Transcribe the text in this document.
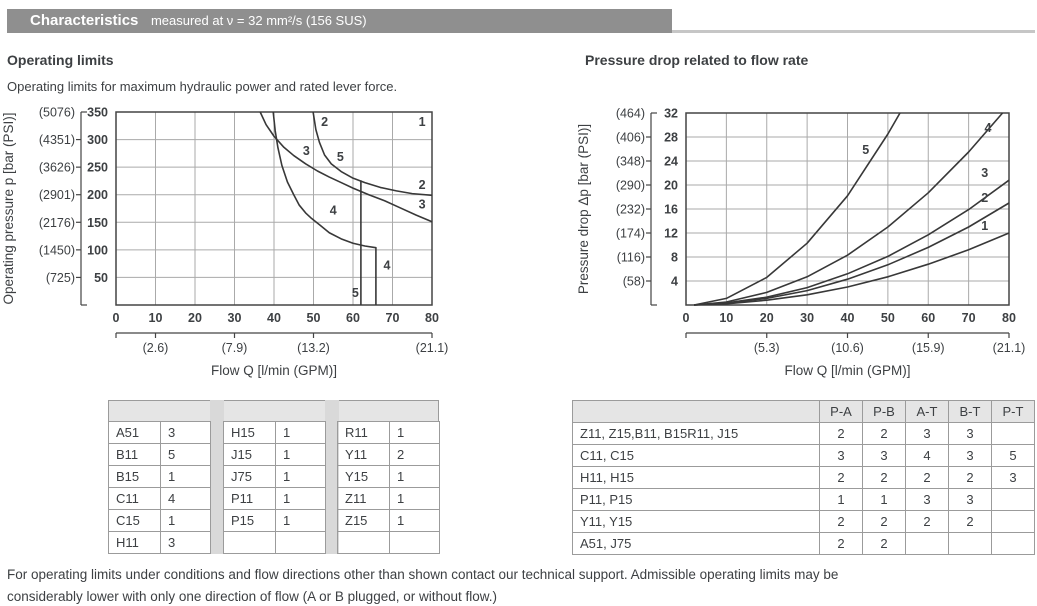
Characteristics measured at ν = 32 mm²/s (156 SUS)
Operating limits	Pressure drop related to flow rate
Operating limits for maximum hydraulic power and rated lever force.
350
(5076)
300
(4351)
250
(3626)
200
(2901)
150
(2176)
100
(1450)
50
(725)
0 10 20 30 40 50 60 70 80
(2.6)	(7.9)	(13.2)	(21.1)
Flow Q [l/min (GPM)]
Operating pressure p [bar (PSI)]	1
2
3 5
2
3
4
4
5
32
(464)
28
(406)
24
(348)
20
(290)
16
(232)
12
(174)
8
(116)
4
(58)
0 10 20 30 40 50 60 70 80
(5.3)	(10.6)	(15.9)	(21.1)
Flow Q [l/min (GPM)]
Pressure drop Δp [bar (PSI)]	5
4
3
2
1
A51	3
B11	5
B15	1
C11	4
C15	1
H11	3
H15	1
J15	1
J75	1
P11	1
P15	1

R11	1
Y11	2
Y15	1
Z11	1
Z15	1

	P-A	P-B	A-T	B-T	P-T
Z11, Z15,B11, B15R11, J15	2	2	3	3	
C11, C15	3	3	4	3	5
H11, H15	2	2	2	2	3
P11, P15	1	1	3	3	
Y11, Y15	2	2	2	2	
A51, J75	2	2			
For operating limits under conditions and flow directions other than shown contact our technical support. Admissible operating limits may be
considerably lower with only one direction of flow (A or B plugged, or without flow.)
